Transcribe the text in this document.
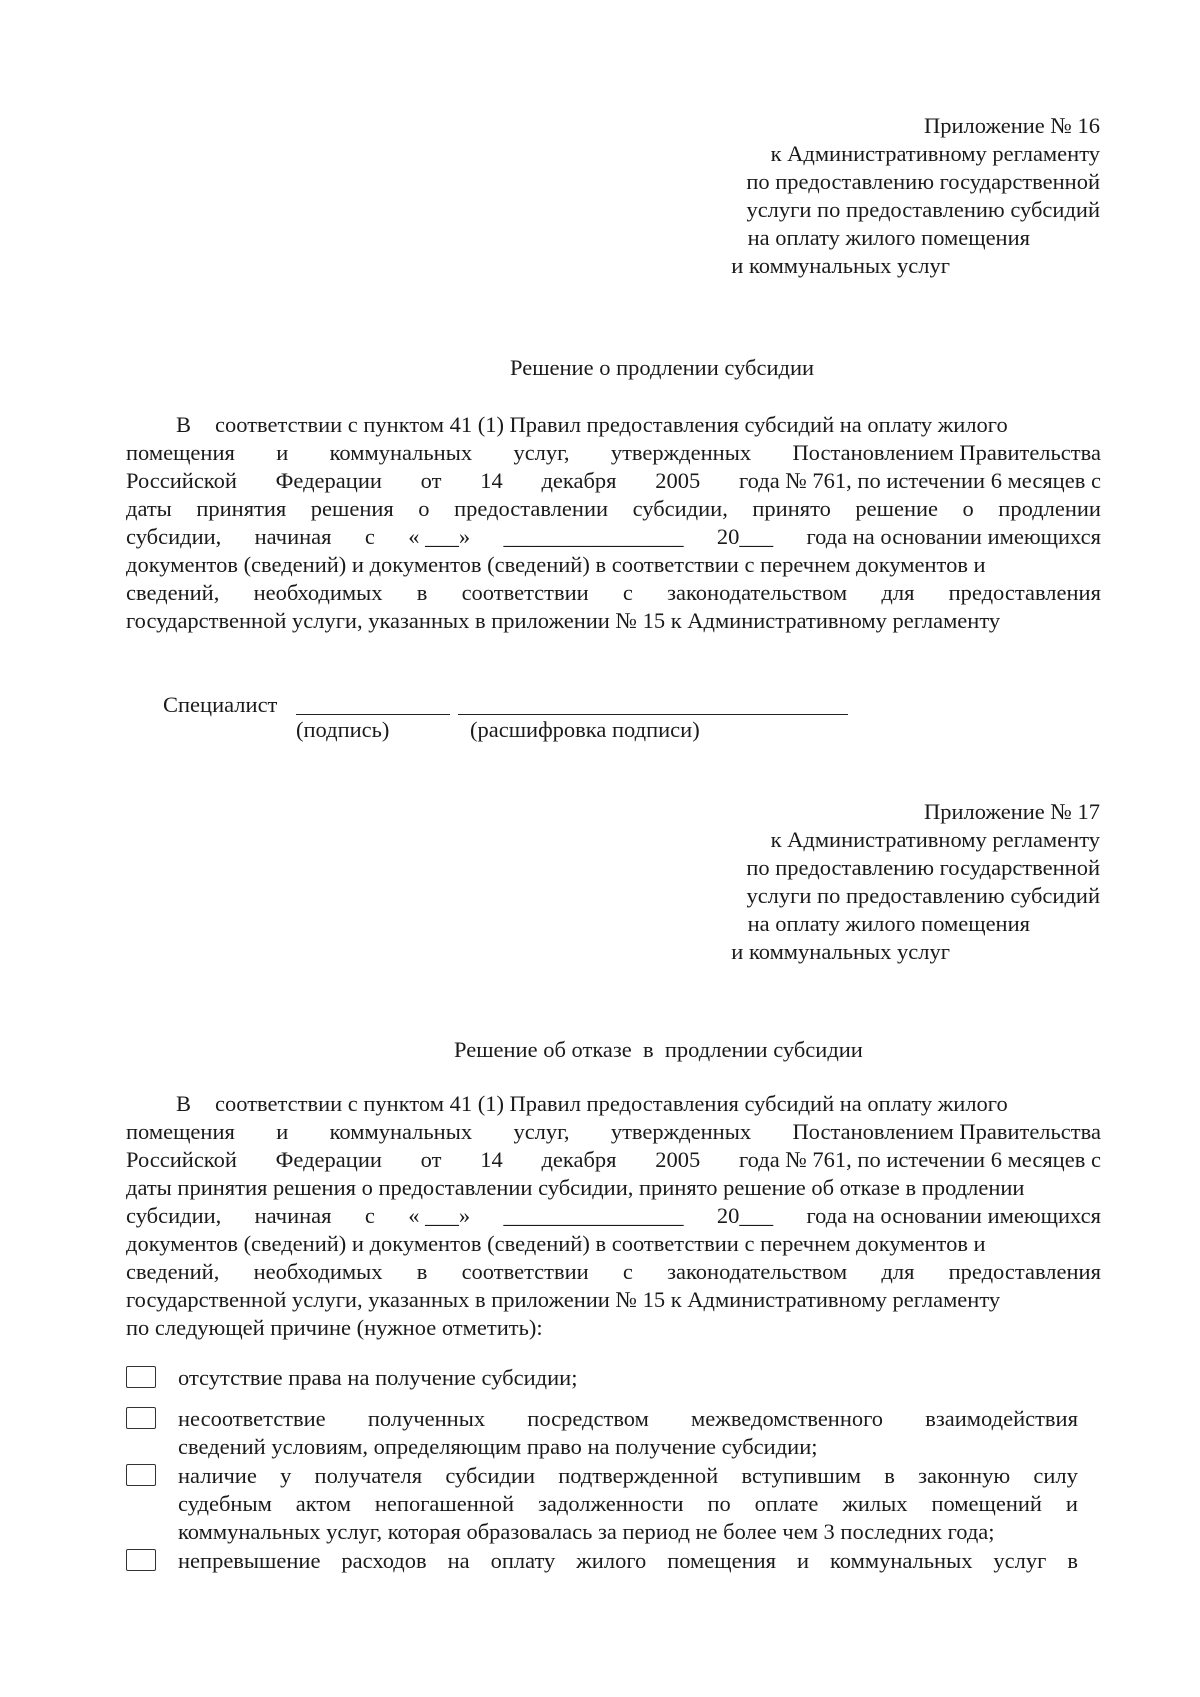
Приложение № 16
к Административному регламенту
по предоставлению государственной
услуги по предоставлению субсидий
на оплату жилого помещения
и коммунальных услуг
Решение о продлении субсидии
В соответствии с пунктом 41 (1) Правил предоставления субсидий на оплату жилого
помещения и коммунальных услуг, утвержденных Постановлением Правительства
Российской Федерации от 14 декабря 2005 года № 761, по истечении 6 месяцев с
даты принятия решения о предоставлении субсидии, принято решение о продлении
субсидии, начиная с « ___» ________________ 20___ года на основании имеющихся
документов (сведений) и документов (сведений) в соответствии с перечнем документов и
сведений, необходимых в соответствии с законодательством для предоставления
государственной услуги, указанных в приложении № 15 к Административному регламенту
Специалист
(подпись)	(расшифровка подписи)
Приложение № 17
к Административному регламенту
по предоставлению государственной
услуги по предоставлению субсидий
на оплату жилого помещения
и коммунальных услуг
Решение об отказе  в  продлении субсидии
В соответствии с пунктом 41 (1) Правил предоставления субсидий на оплату жилого
помещения и коммунальных услуг, утвержденных Постановлением Правительства
Российской Федерации от 14 декабря 2005 года № 761, по истечении 6 месяцев с
даты принятия решения о предоставлении субсидии, принято решение об отказе в продлении
субсидии, начиная с « ___» ________________ 20___ года на основании имеющихся
документов (сведений) и документов (сведений) в соответствии с перечнем документов и
сведений, необходимых в соответствии с законодательством для предоставления
государственной услуги, указанных в приложении № 15 к Административному регламенту
по следующей причине (нужное отметить):
отсутствие права на получение субсидии;
несоответствие полученных посредством межведомственного взаимодействия
сведений условиям, определяющим право на получение субсидии;
наличие у получателя субсидии подтвержденной вступившим в законную силу
судебным актом непогашенной задолженности по оплате жилых помещений и
коммунальных услуг, которая образовалась за период не более чем 3 последних года;
непревышение расходов на оплату жилого помещения и коммунальных услуг в
